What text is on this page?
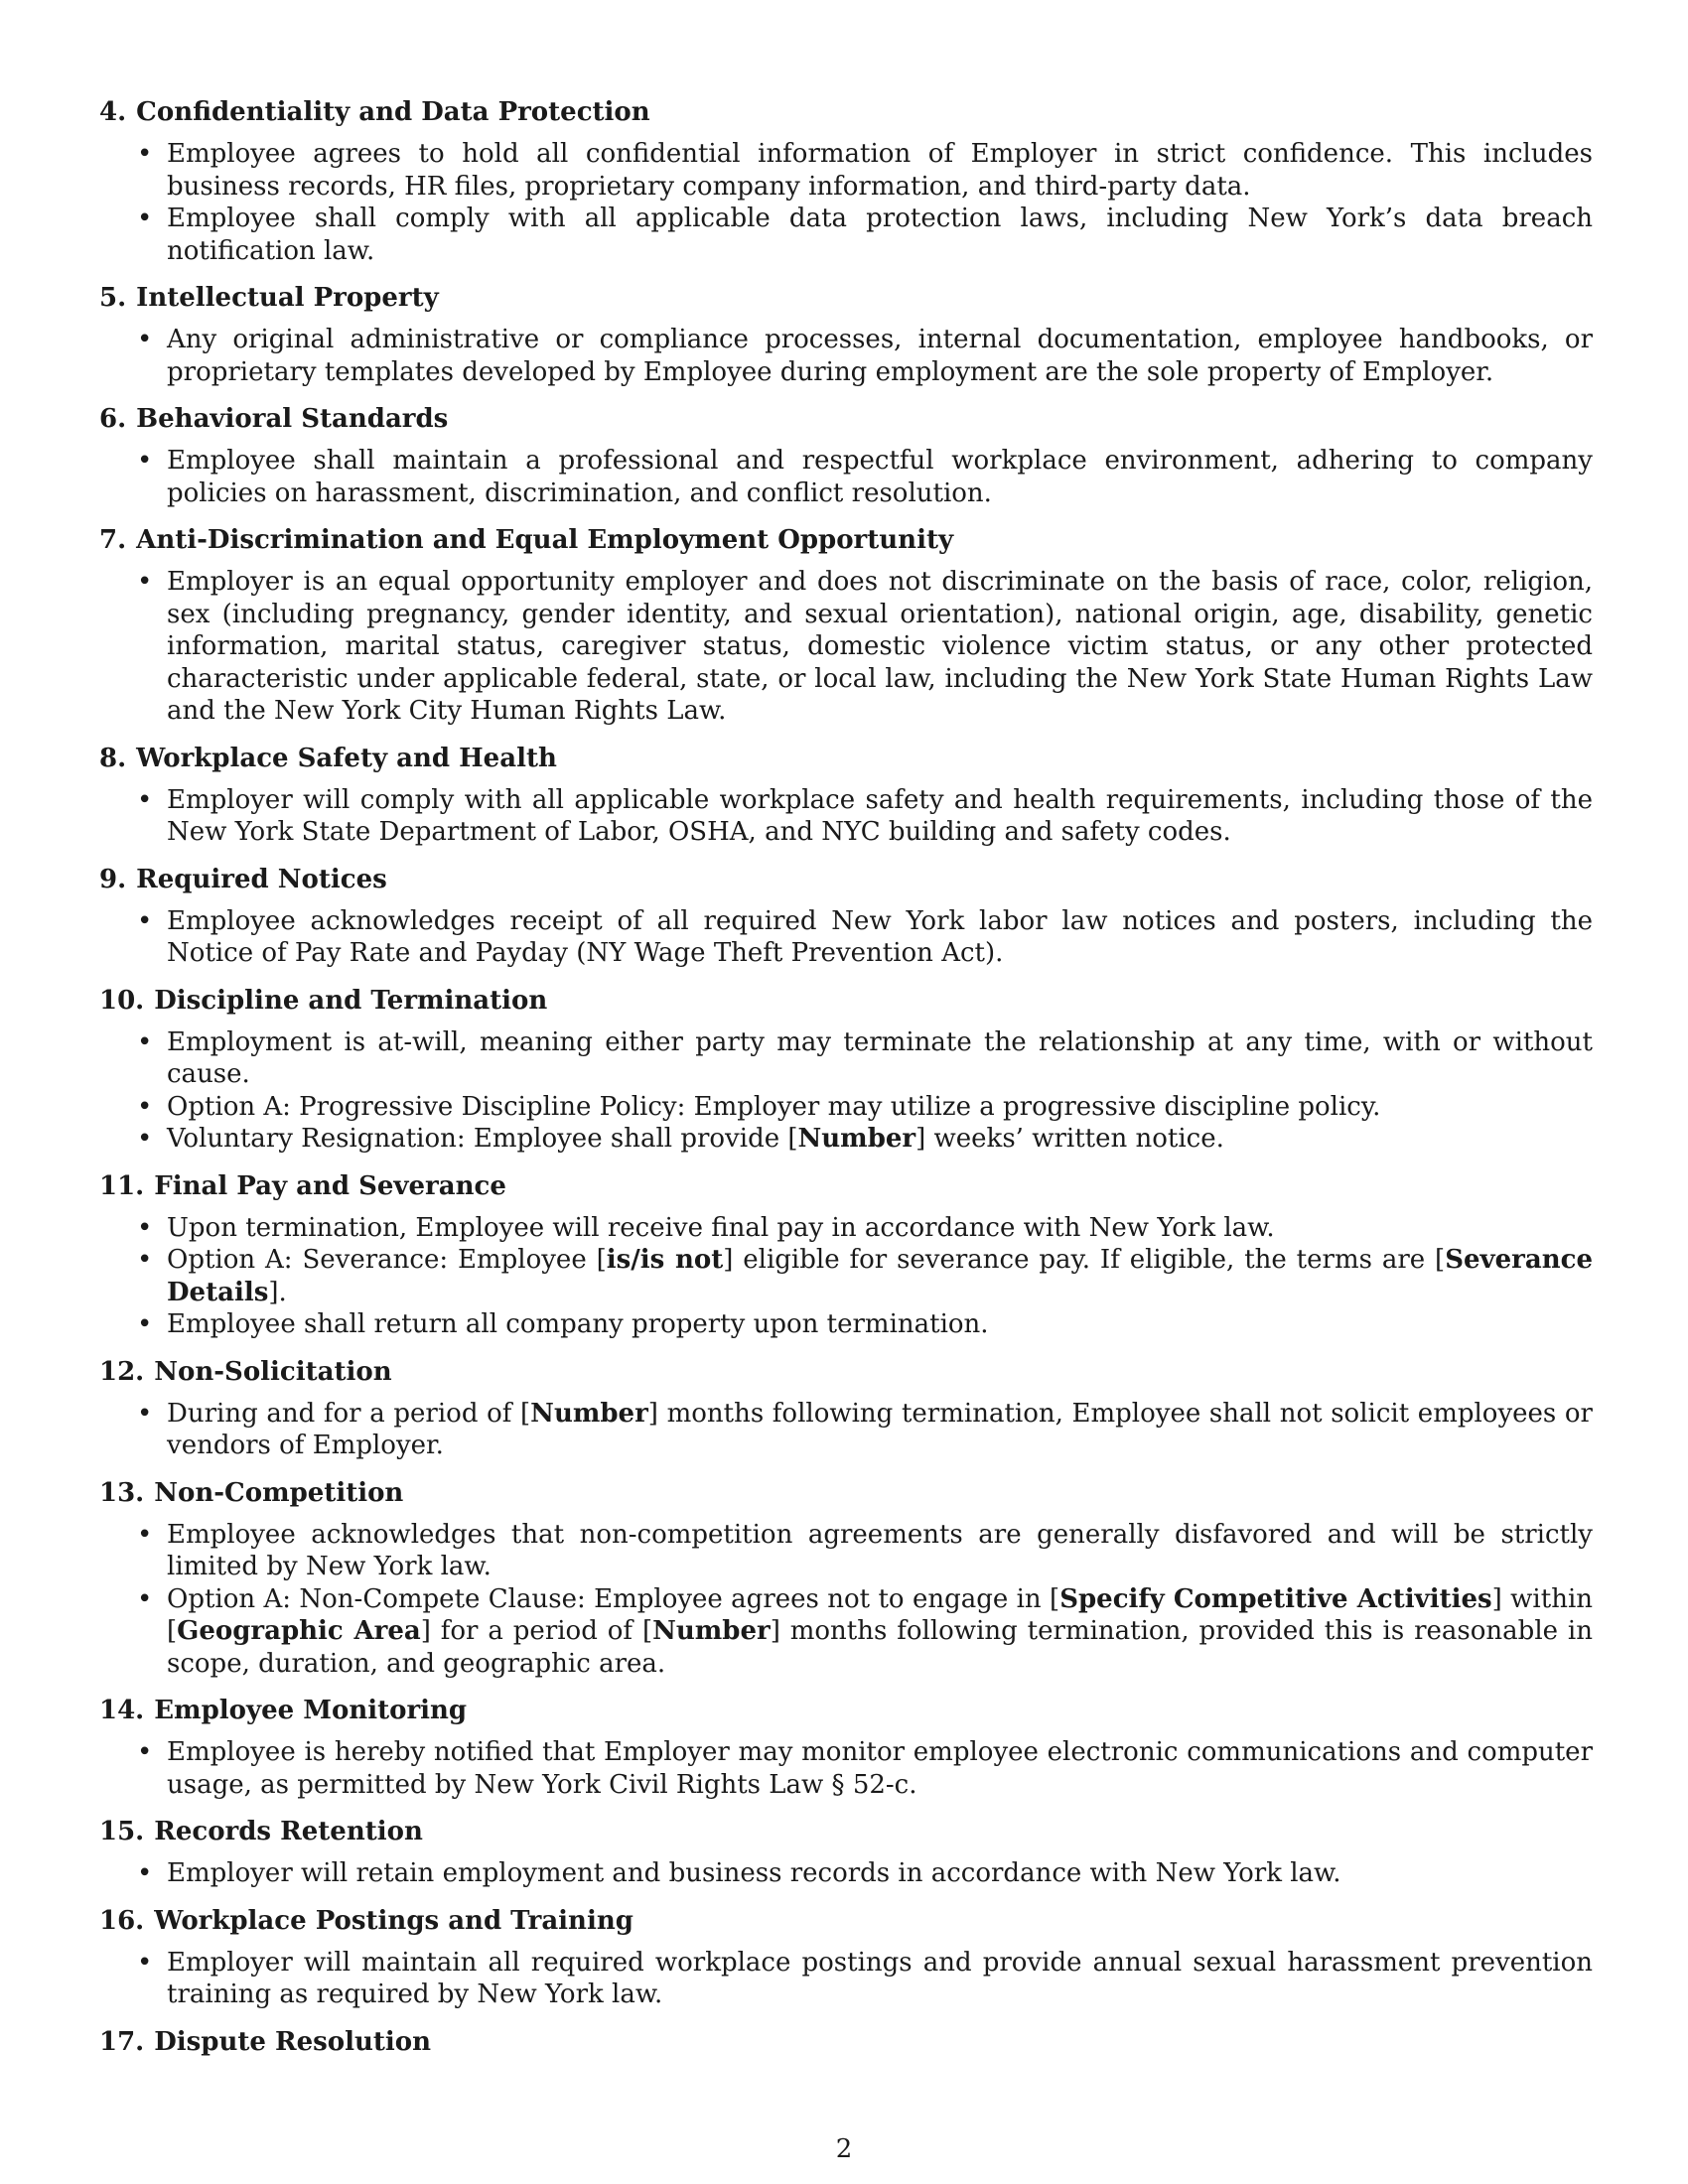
4. Confidentiality and Data Protection
• Employee agrees to hold all confidential information of Employer in strict confidence. This includes business records, HR files, proprietary company information, and third-party data.
• Employee shall comply with all applicable data protection laws, including New York’s data breach notification law.
5. Intellectual Property
• Any original administrative or compliance processes, internal documentation, employee handbooks, or proprietary templates developed by Employee during employment are the sole property of Employer.
6. Behavioral Standards
• Employee shall maintain a professional and respectful workplace environment, adhering to company policies on harassment, discrimination, and conflict resolution.
7. Anti-Discrimination and Equal Employment Opportunity
• Employer is an equal opportunity employer and does not discriminate on the basis of race, color, religion, sex (including pregnancy, gender identity, and sexual orientation), national origin, age, disability, genetic information, marital status, caregiver status, domestic violence victim status, or any other protected characteristic under applicable federal, state, or local law, including the New York State Human Rights Law and the New York City Human Rights Law.
8. Workplace Safety and Health
• Employer will comply with all applicable workplace safety and health requirements, including those of the New York State Department of Labor, OSHA, and NYC building and safety codes.
9. Required Notices
• Employee acknowledges receipt of all required New York labor law notices and posters, including the Notice of Pay Rate and Payday (NY Wage Theft Prevention Act).
10. Discipline and Termination
• Employment is at-will, meaning either party may terminate the relationship at any time, with or without cause.
• Option A: Progressive Discipline Policy: Employer may utilize a progressive discipline policy.
• Voluntary Resignation: Employee shall provide [Number] weeks’ written notice.
11. Final Pay and Severance
• Upon termination, Employee will receive final pay in accordance with New York law.
• Option A: Severance: Employee [is/is not] eligible for severance pay. If eligible, the terms are [Severance Details].
• Employee shall return all company property upon termination.
12. Non-Solicitation
• During and for a period of [Number] months following termination, Employee shall not solicit employees or vendors of Employer.
13. Non-Competition
• Employee acknowledges that non-competition agreements are generally disfavored and will be strictly limited by New York law.
• Option A: Non-Compete Clause: Employee agrees not to engage in [Specify Competitive Activities] within [Geographic Area] for a period of [Number] months following termination, provided this is reasonable in scope, duration, and geographic area.
14. Employee Monitoring
• Employee is hereby notified that Employer may monitor employee electronic communications and computer usage, as permitted by New York Civil Rights Law § 52-c.
15. Records Retention
• Employer will retain employment and business records in accordance with New York law.
16. Workplace Postings and Training
• Employer will maintain all required workplace postings and provide annual sexual harassment prevention training as required by New York law.
17. Dispute Resolution
2
